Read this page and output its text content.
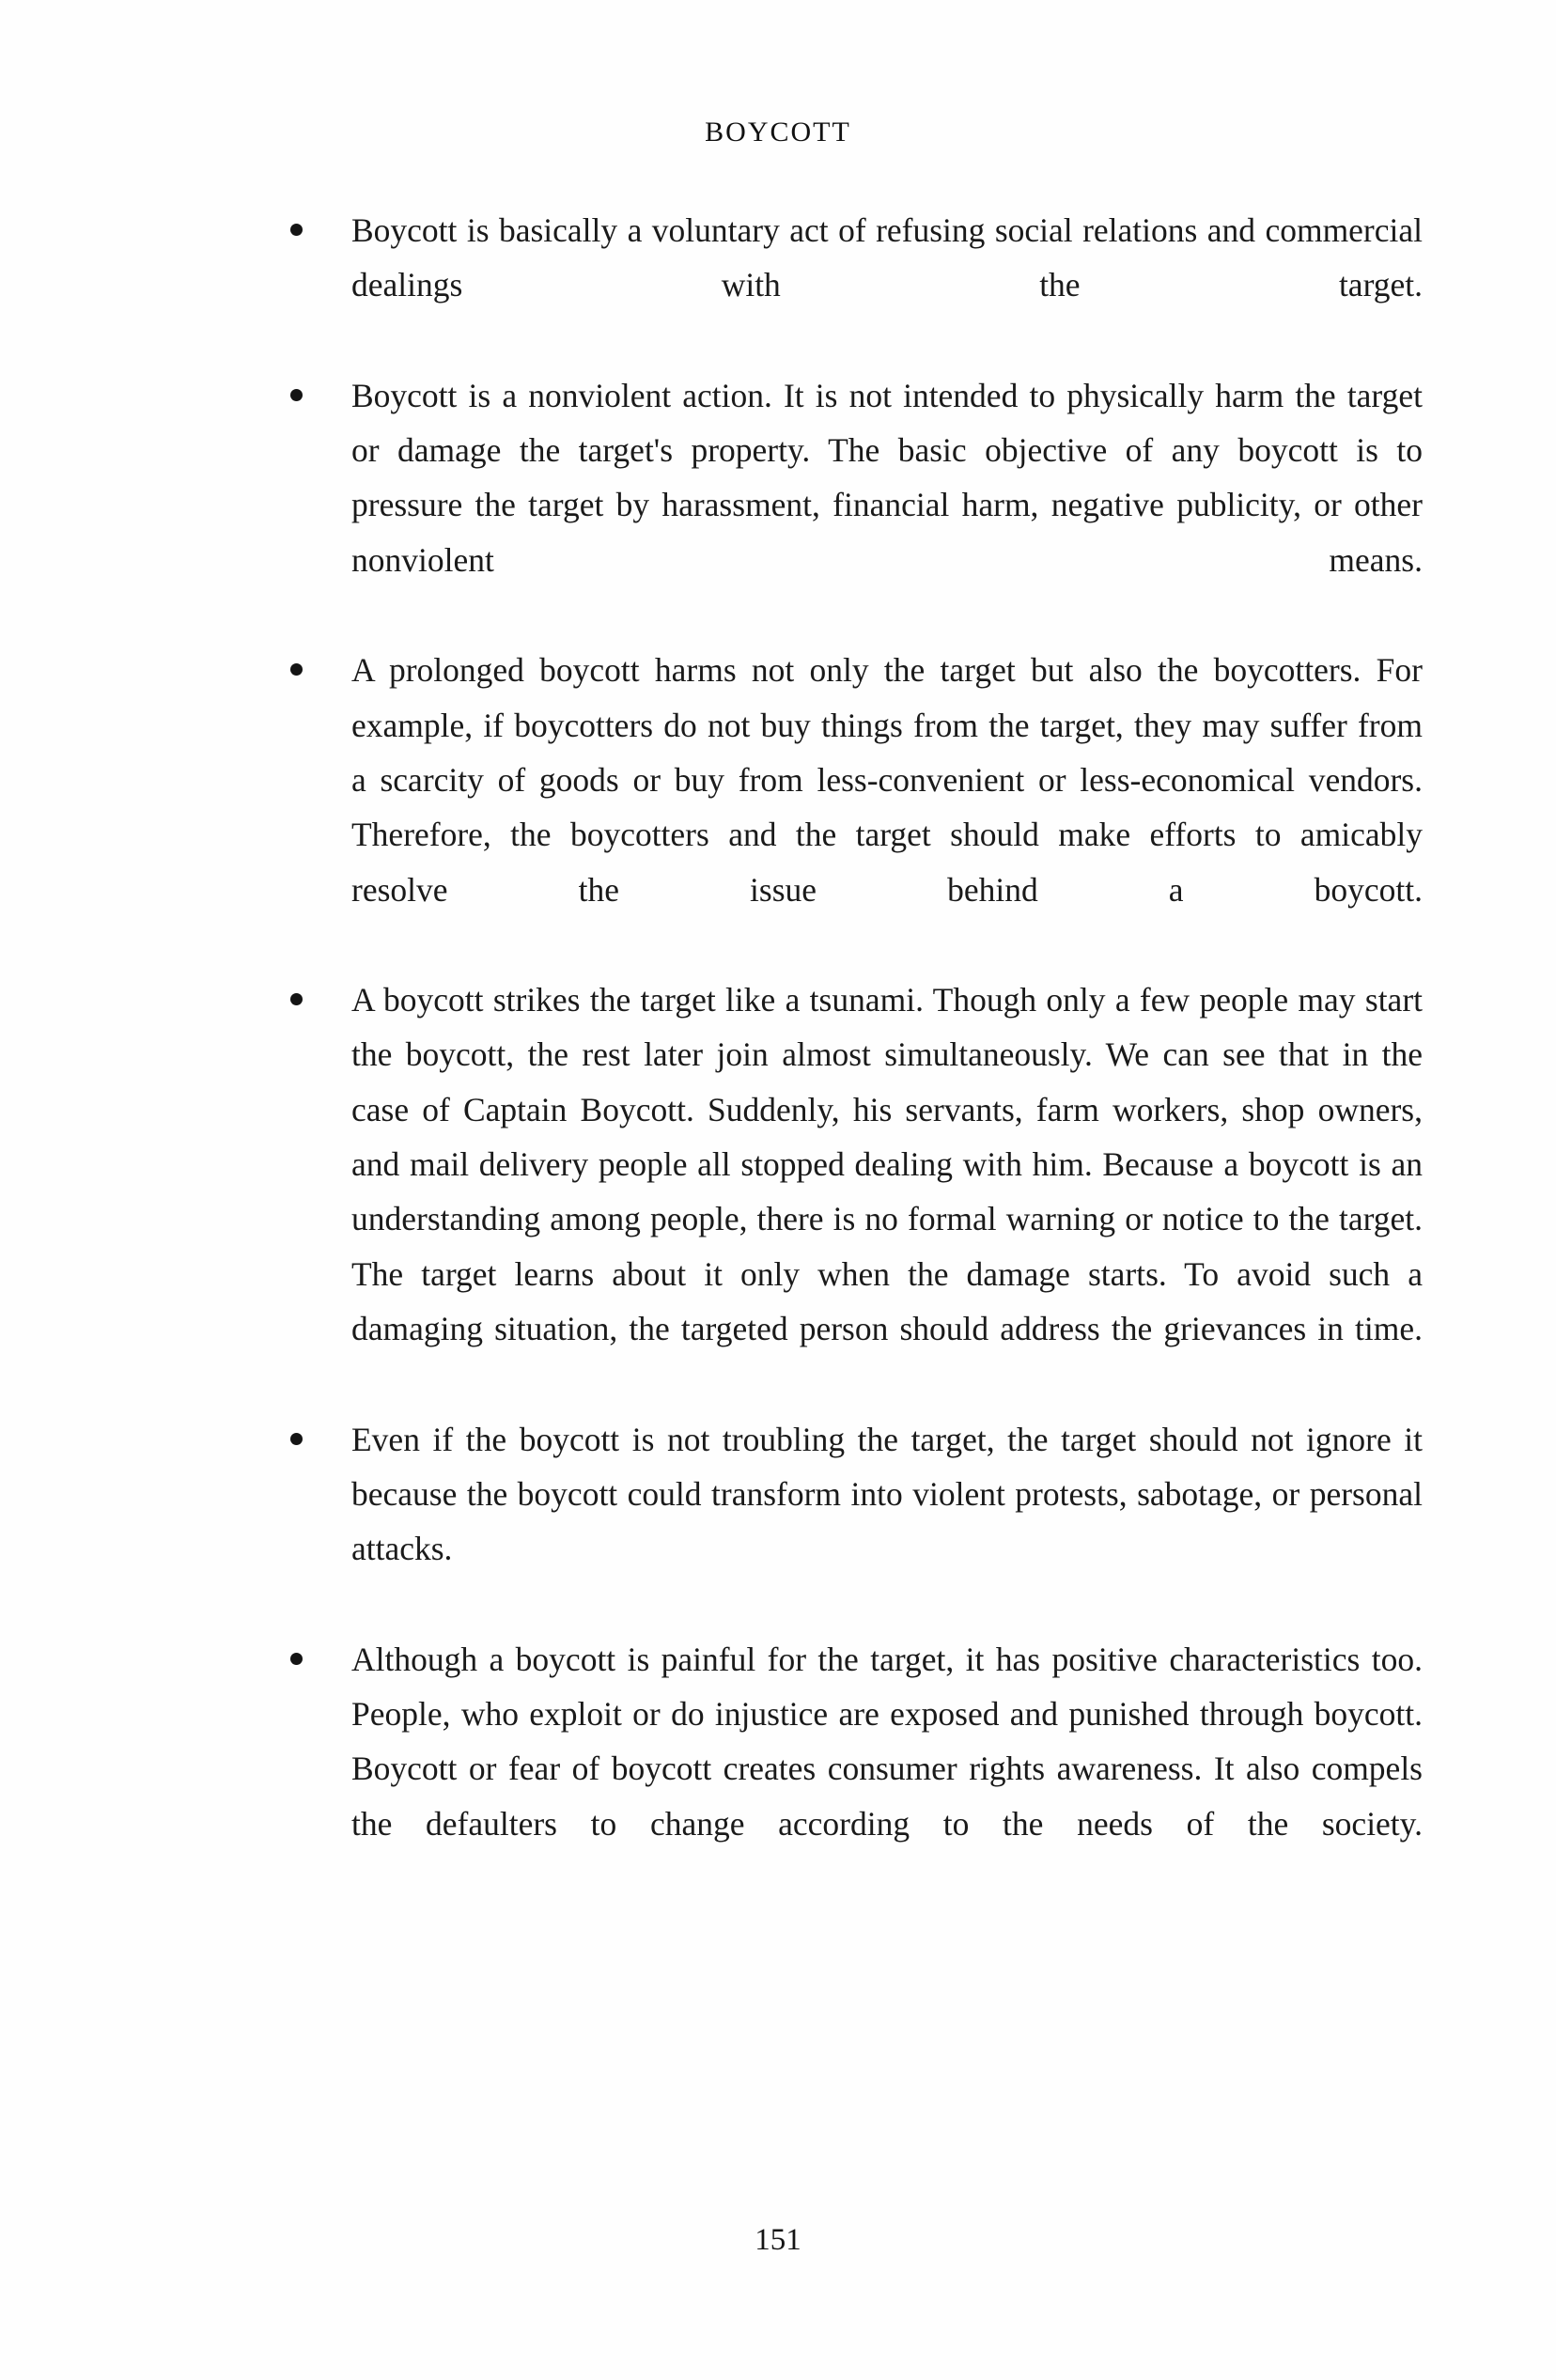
BOYCOTT

Boycott is basically a voluntary act of refusing social relations and commercial dealings with the target.

Boycott is a nonviolent action. It is not intended to physically harm the target or damage the target's property. The basic objective of any boycott is to pressure the target by harassment, financial harm, negative publicity, or other nonviolent means.

A prolonged boycott harms not only the target but also the boycotters. For example, if boycotters do not buy things from the target, they may suffer from a scarcity of goods or buy from less-convenient or less-economical vendors. Therefore, the boycotters and the target should make efforts to amicably resolve the issue behind a boycott.

A boycott strikes the target like a tsunami. Though only a few people may start the boycott, the rest later join almost simultaneously. We can see that in the case of Captain Boycott. Suddenly, his servants, farm workers, shop owners, and mail delivery people all stopped dealing with him. Because a boycott is an understanding among people, there is no formal warning or notice to the target. The target learns about it only when the damage starts. To avoid such a damaging situation, the targeted person should address the grievances in time.

Even if the boycott is not troubling the target, the target should not ignore it because the boycott could transform into violent protests, sabotage, or personal attacks.

Although a boycott is painful for the target, it has positive characteristics too. People, who exploit or do injustice are exposed and punished through boycott. Boycott or fear of boycott creates consumer rights awareness. It also compels the defaulters to change according to the needs of the society.

151
